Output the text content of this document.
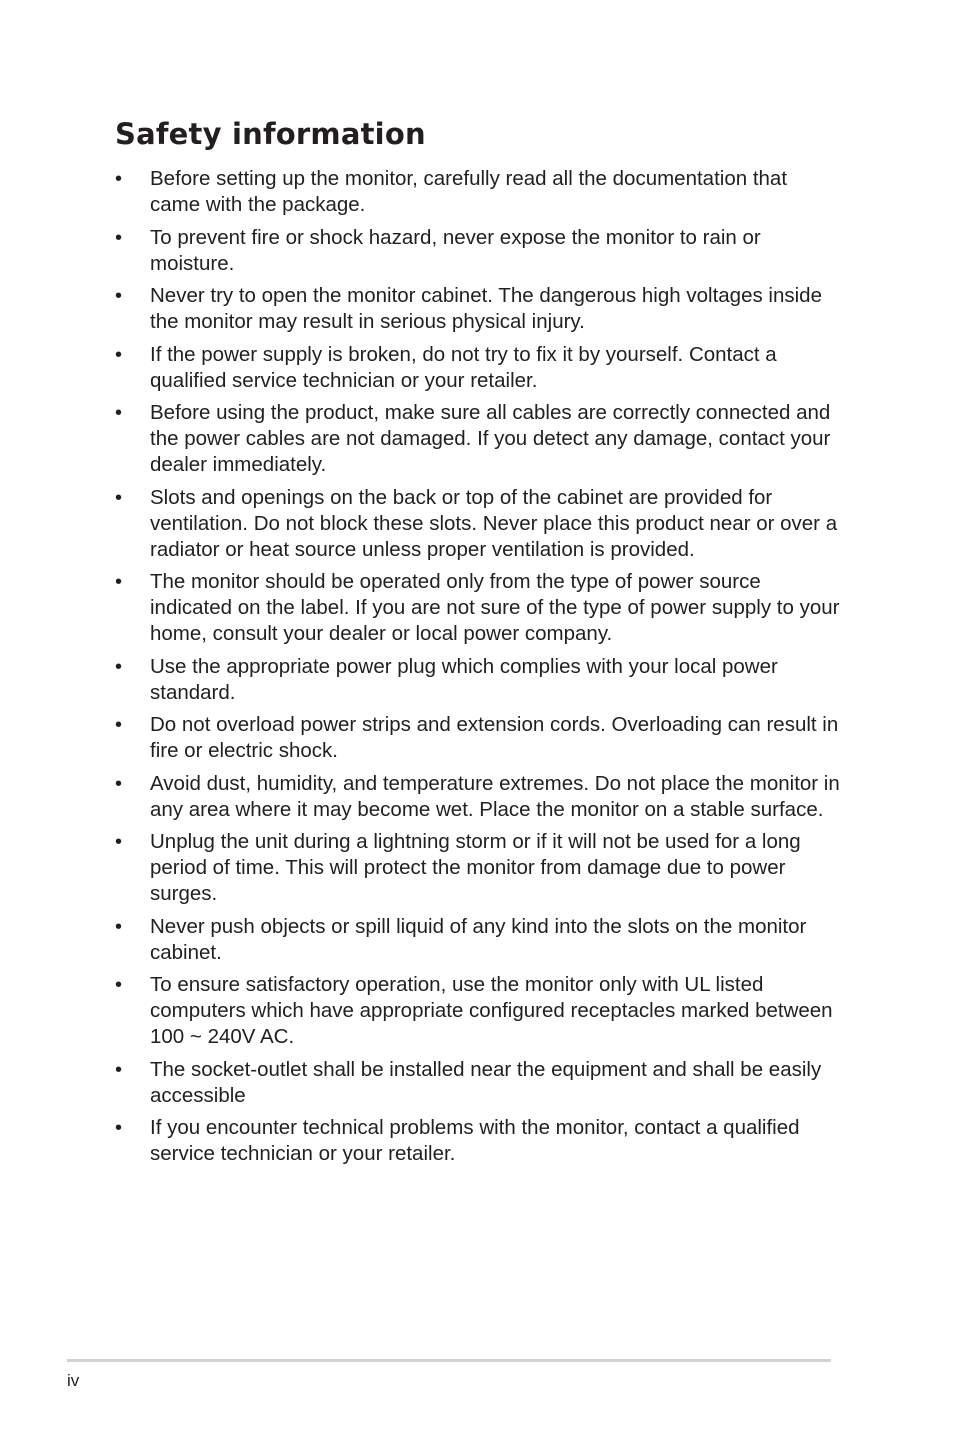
Safety information
• Before setting up the monitor, carefully read all the documentation that came with the package.
• To prevent fire or shock hazard, never expose the monitor to rain or moisture.
• Never try to open the monitor cabinet. The dangerous high voltages inside the monitor may result in serious physical injury.
• If the power supply is broken, do not try to fix it by yourself. Contact a qualified service technician or your retailer.
• Before using the product, make sure all cables are correctly connected and the power cables are not damaged. If you detect any damage, contact your dealer immediately.
• Slots and openings on the back or top of the cabinet are provided for ventilation. Do not block these slots. Never place this product near or over a radiator or heat source unless proper ventilation is provided.
• The monitor should be operated only from the type of power source indicated on the label. If you are not sure of the type of power supply to your home, consult your dealer or local power company.
• Use the appropriate power plug which complies with your local power standard.
• Do not overload power strips and extension cords. Overloading can result in fire or electric shock.
• Avoid dust, humidity, and temperature extremes. Do not place the monitor in any area where it may become wet. Place the monitor on a stable surface.
• Unplug the unit during a lightning storm or if it will not be used for a long period of time. This will protect the monitor from damage due to power surges.
• Never push objects or spill liquid of any kind into the slots on the monitor cabinet.
• To ensure satisfactory operation, use the monitor only with UL listed computers which have appropriate configured receptacles marked between 100 ~ 240V AC.
• The socket-outlet shall be installed near the equipment and shall be easily accessible
• If you encounter technical problems with the monitor, contact a qualified service technician or your retailer.
iv
